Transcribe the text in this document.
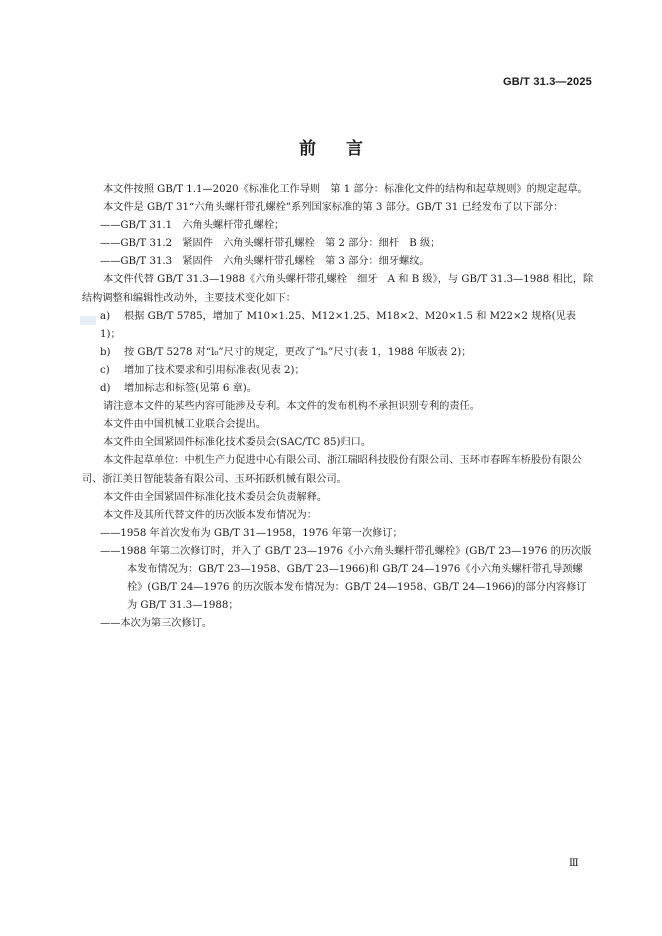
GB/T 31.3—2025
前言

本文件按照 GB/T 1.1—2020《标准化工作导则　第 1 部分：标准化文件的结构和起草规则》的规定起草。

本文件是 GB/T 31“六角头螺杆带孔螺栓”系列国家标准的第 3 部分。GB/T 31 已经发布了以下部分：

——GB/T 31.1　六角头螺杆带孔螺栓；

——GB/T 31.2　紧固件　六角头螺杆带孔螺栓　第 2 部分：细杆　B 级；

——GB/T 31.3　紧固件　六角头螺杆带孔螺栓　第 3 部分：细牙螺纹。

本文件代替 GB/T 31.3—1988《六角头螺杆带孔螺栓　细牙　A 和 B 级》，与 GB/T 31.3—1988 相比，除结构调整和编辑性改动外，主要技术变化如下：

a) 根据 GB/T 5785，增加了 M10×1.25、M12×1.25、M18×2、M20×1.5 和 M22×2 规格(见表 1)；

b) 按 GB/T 5278 对“l₀”尺寸的规定，更改了“lₕ”尺寸(表 1，1988 年版表 2)；

c) 增加了技术要求和引用标准表(见表 2)；

d) 增加标志和标签(见第 6 章)。

请注意本文件的某些内容可能涉及专利。本文件的发布机构不承担识别专利的责任。

本文件由中国机械工业联合会提出。

本文件由全国紧固件标准化技术委员会(SAC/TC 85)归口。

本文件起草单位：中机生产力促进中心有限公司、浙江瑞昭科技股份有限公司、玉环市春晖车桥股份有限公司、浙江美日智能装备有限公司、玉环拓跃机械有限公司。

本文件由全国紧固件标准化技术委员会负责解释。

本文件及其所代替文件的历次版本发布情况为：

——1958 年首次发布为 GB/T 31—1958，1976 年第一次修订；

——1988 年第二次修订时，并入了 GB/T 23—1976《小六角头螺杆带孔螺栓》(GB/T 23—1976 的历次版本发布情况为：GB/T 23—1958、GB/T 23—1966)和 GB/T 24—1976《小六角头螺杆带孔导颈螺栓》(GB/T 24—1976 的历次版本发布情况为：GB/T 24—1958、GB/T 24—1966)的部分内容修订为 GB/T 31.3—1988；

——本次为第三次修订。

Ⅲ
